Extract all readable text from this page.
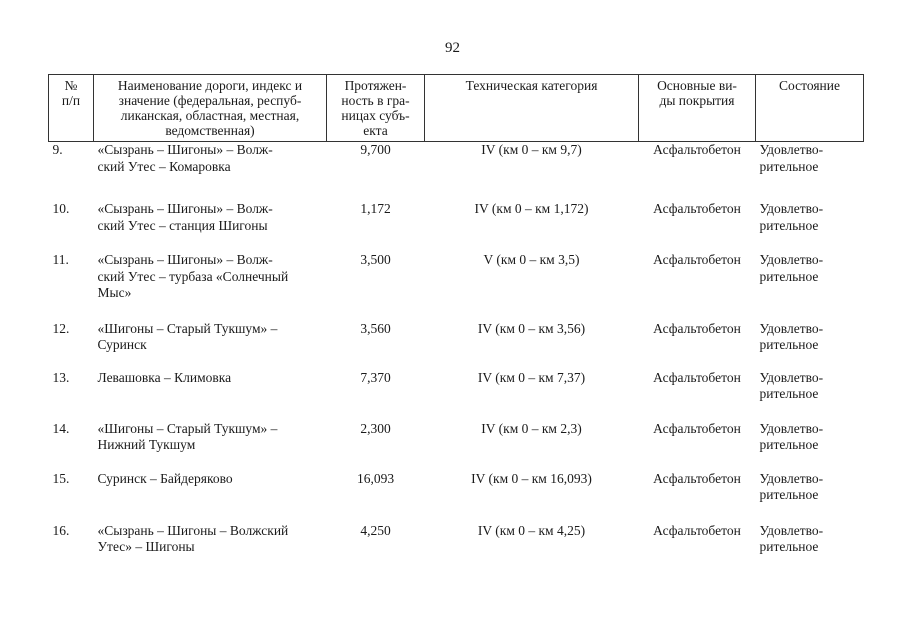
92
№
п/п	Наименование дороги, индекс и
значение (федеральная, респуб-
ликанская, областная, местная,
ведомственная)	Протяжен-
ность в гра-
ницах субъ-
екта	Техническая категория	Основные ви-
ды покрытия	Состояние
9.	«Сызрань – Шигоны» – Волж-
ский Утес – Комаровка	9,700	IV (км 0 – км 9,7)	Асфальтобетон	Удовлетво-
рительное
10.	«Сызрань – Шигоны» – Волж-
ский Утес – станция Шигоны	1,172	IV (км 0 – км 1,172)	Асфальтобетон	Удовлетво-
рительное
11.	«Сызрань – Шигоны» – Волж-
ский Утес – турбаза «Солнечный
Мыс»	3,500	V (км 0 – км 3,5)	Асфальтобетон	Удовлетво-
рительное
12.	«Шигоны – Старый Тукшум» –
Суринск	3,560	IV (км 0 – км 3,56)	Асфальтобетон	Удовлетво-
рительное
13.	Левашовка – Климовка	7,370	IV (км 0 – км 7,37)	Асфальтобетон	Удовлетво-
рительное
14.	«Шигоны – Старый Тукшум» –
Нижний Тукшум	2,300	IV (км 0 – км 2,3)	Асфальтобетон	Удовлетво-
рительное
15.	Суринск – Байдеряково	16,093	IV (км 0 – км 16,093)	Асфальтобетон	Удовлетво-
рительное
16.	«Сызрань – Шигоны – Волжский
Утес» – Шигоны	4,250	IV (км 0 – км 4,25)	Асфальтобетон	Удовлетво-
рительное
